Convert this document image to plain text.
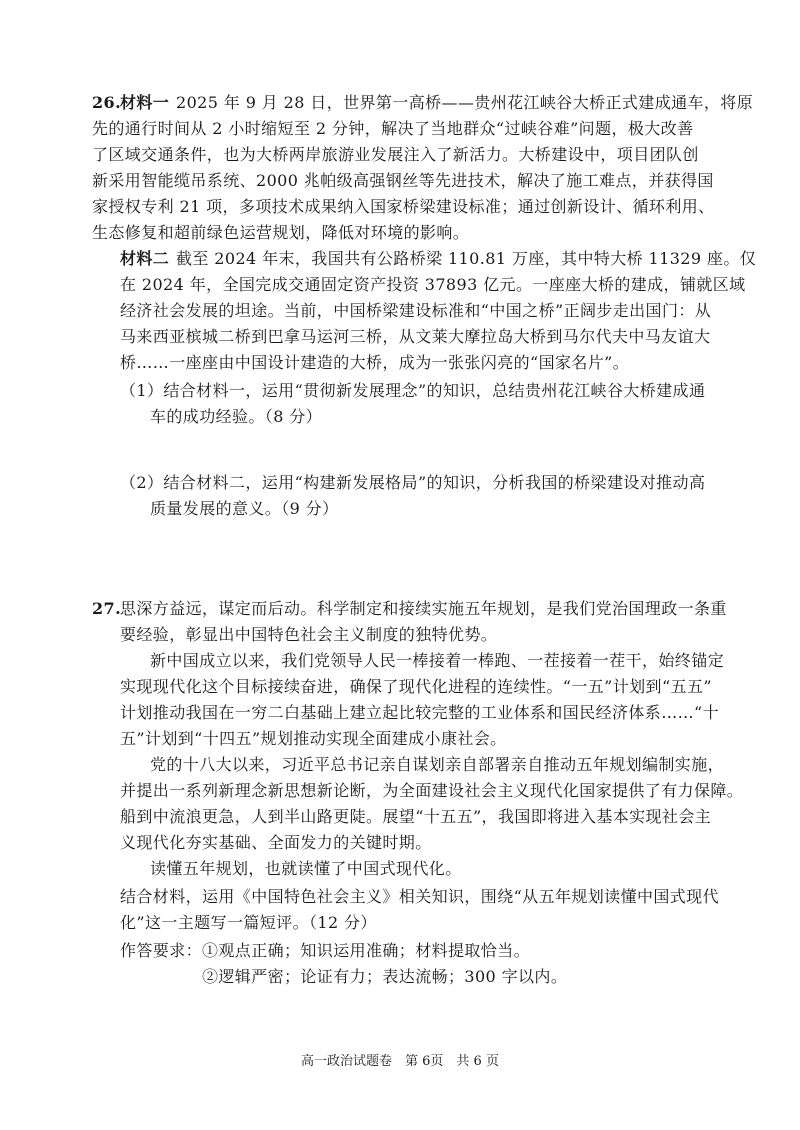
26.
材料一 2025 年 9 月 28 日，世界第一高桥——贵州花江峡谷大桥正式建成通车，将原
先的通行时间从 2 小时缩短至 2 分钟，解决了当地群众“过峡谷难”问题，极大改善
了区域交通条件，也为大桥两岸旅游业发展注入了新活力。大桥建设中，项目团队创
新采用智能缆吊系统、2000 兆帕级高强钢丝等先进技术，解决了施工难点，并获得国
家授权专利 21 项，多项技术成果纳入国家桥梁建设标准；通过创新设计、循环利用、
生态修复和超前绿色运营规划，降低对环境的影响。
材料二 截至 2024 年末，我国共有公路桥梁 110.81 万座，其中特大桥 11329 座。仅
在 2024 年，全国完成交通固定资产投资 37893 亿元。一座座大桥的建成，铺就区域
经济社会发展的坦途。当前，中国桥梁建设标准和“中国之桥”正阔步走出国门：从
马来西亚槟城二桥到巴拿马运河三桥，从文莱大摩拉岛大桥到马尔代夫中马友谊大
桥……一座座由中国设计建造的大桥，成为一张张闪亮的“国家名片”。
（1）结合材料一，运用“贯彻新发展理念”的知识，总结贵州花江峡谷大桥建成通
车的成功经验。（8 分）
（2）结合材料二，运用“构建新发展格局”的知识，分析我国的桥梁建设对推动高
质量发展的意义。（9 分）
27.
思深方益远，谋定而后动。科学制定和接续实施五年规划，是我们党治国理政一条重
要经验，彰显出中国特色社会主义制度的独特优势。
新中国成立以来，我们党领导人民一棒接着一棒跑、一茬接着一茬干，始终锚定
实现现代化这个目标接续奋进，确保了现代化进程的连续性。“一五”计划到“五五”
计划推动我国在一穷二白基础上建立起比较完整的工业体系和国民经济体系……“十
五”计划到“十四五”规划推动实现全面建成小康社会。
党的十八大以来，习近平总书记亲自谋划亲自部署亲自推动五年规划编制实施，
并提出一系列新理念新思想新论断，为全面建设社会主义现代化国家提供了有力保障。
船到中流浪更急，人到半山路更陡。展望“十五五”，我国即将进入基本实现社会主
义现代化夯实基础、全面发力的关键时期。
读懂五年规划，也就读懂了中国式现代化。
结合材料，运用《中国特色社会主义》相关知识，围绕“从五年规划读懂中国式现代
化”这一主题写一篇短评。（12 分）
作答要求： ①观点正确；知识运用准确；材料提取恰当。
②逻辑严密；论证有力；表达流畅；300 字以内。
高一政治试题卷　第 6页　共 6 页
